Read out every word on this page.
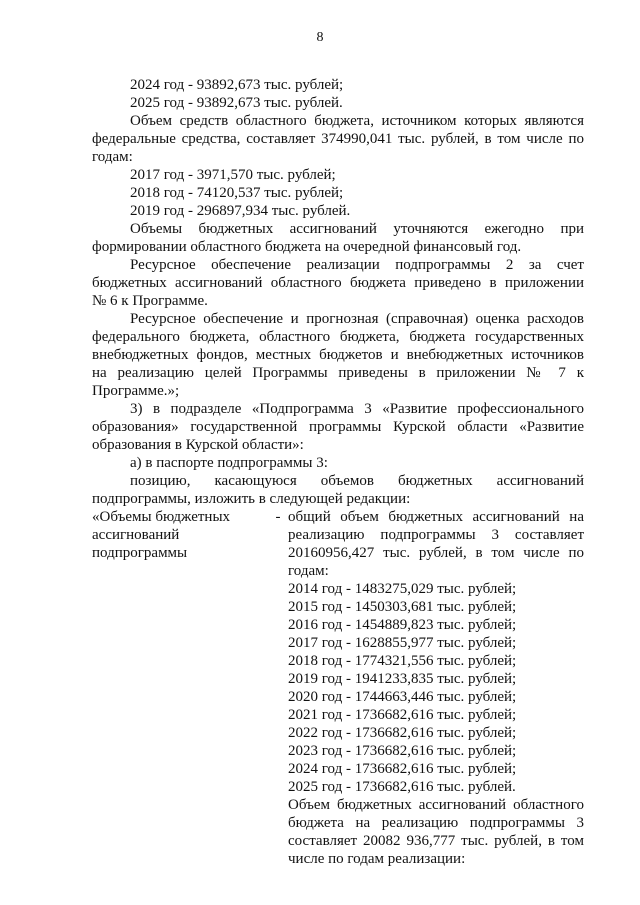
8
2024 год - 93892,673 тыс. рублей;
2025 год - 93892,673 тыс. рублей.
Объем средств областного бюджета, источником которых являются
федеральные средства, составляет 374990,041 тыс. рублей, в том числе по
годам:
2017 год - 3971,570 тыс. рублей;
2018 год - 74120,537 тыс. рублей;
2019 год - 296897,934 тыс. рублей.
Объемы бюджетных ассигнований уточняются ежегодно при
формировании областного бюджета на очередной финансовый год.
Ресурсное обеспечение реализации подпрограммы 2 за счет
бюджетных ассигнований областного бюджета приведено в приложении
№ 6 к Программе.
Ресурсное обеспечение и прогнозная (справочная) оценка расходов
федерального бюджета, областного бюджета, бюджета государственных
внебюджетных фондов, местных бюджетов и внебюджетных источников
на реализацию целей Программы приведены в приложении № 7 к
Программе.»;
3) в подразделе «Подпрограмма 3 «Развитие профессионального
образования» государственной программы Курской области «Развитие
образования в Курской области»:
а) в паспорте подпрограммы 3:
позицию, касающуюся объемов бюджетных ассигнований
подпрограммы, изложить в следующей редакции:
«Объемы бюджетных
ассигнований
подпрограммы
- общий объем бюджетных ассигнований на
реализацию подпрограммы 3 составляет
20160956,427 тыс. рублей, в том числе по
годам:
2014 год - 1483275,029 тыс. рублей;
2015 год - 1450303,681 тыс. рублей;
2016 год - 1454889,823 тыс. рублей;
2017 год - 1628855,977 тыс. рублей;
2018 год - 1774321,556 тыс. рублей;
2019 год - 1941233,835 тыс. рублей;
2020 год - 1744663,446 тыс. рублей;
2021 год - 1736682,616 тыс. рублей;
2022 год - 1736682,616 тыс. рублей;
2023 год - 1736682,616 тыс. рублей;
2024 год - 1736682,616 тыс. рублей;
2025 год - 1736682,616 тыс. рублей.
Объем бюджетных ассигнований областного
бюджета на реализацию подпрограммы 3
составляет 20082 936,777 тыс. рублей, в том
числе по годам реализации:
